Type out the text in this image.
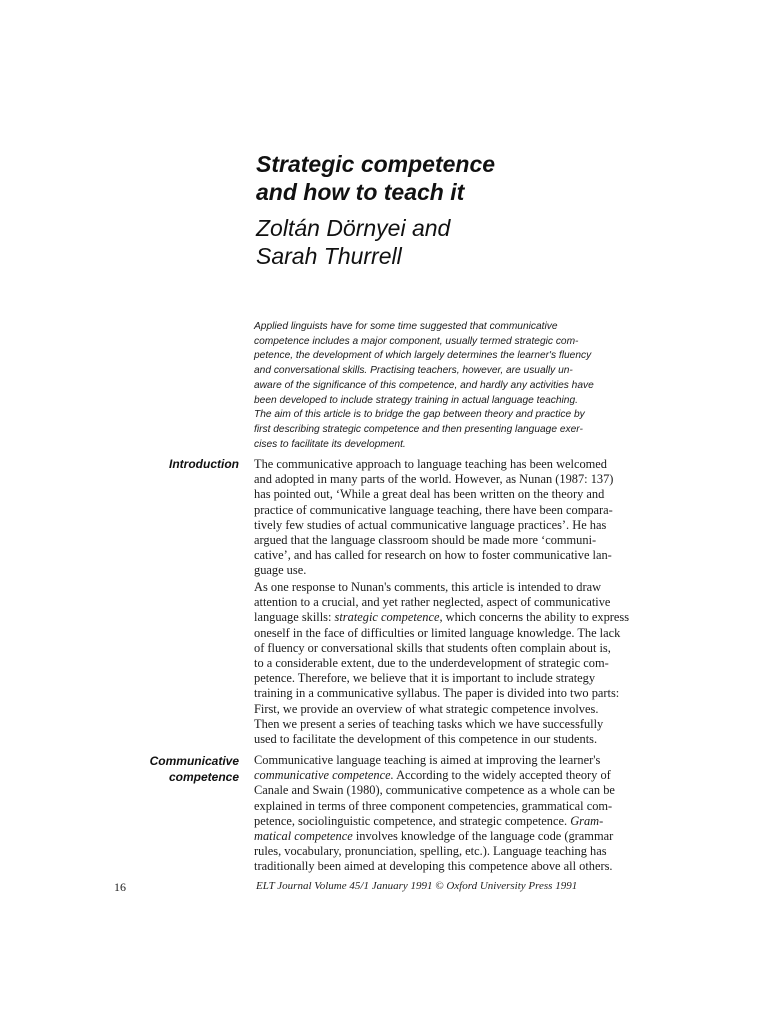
Strategic competence
and how to teach it
Zoltán Dörnyei and
Sarah Thurrell
Applied linguists have for some time suggested that communicative
competence includes a major component, usually termed strategic com-
petence, the development of which largely determines the learner's fluency
and conversational skills. Practising teachers, however, are usually un-
aware of the significance of this competence, and hardly any activities have
been developed to include strategy training in actual language teaching.
The aim of this article is to bridge the gap between theory and practice by
first describing strategic competence and then presenting language exer-
cises to facilitate its development.
Introduction The communicative approach to language teaching has been welcomed
and adopted in many parts of the world. However, as Nunan (1987: 137)
has pointed out, ‘While a great deal has been written on the theory and
practice of communicative language teaching, there have been compara-
tively few studies of actual communicative language practices’. He has
argued that the language classroom should be made more ‘communi-
cative’, and has called for research on how to foster communicative lan-
guage use.
As one response to Nunan's comments, this article is intended to draw
attention to a crucial, and yet rather neglected, aspect of communicative
language skills: strategic competence, which concerns the ability to express
oneself in the face of difficulties or limited language knowledge. The lack
of fluency or conversational skills that students often complain about is,
to a considerable extent, due to the underdevelopment of strategic com-
petence. Therefore, we believe that it is important to include strategy
training in a communicative syllabus. The paper is divided into two parts:
First, we provide an overview of what strategic competence involves.
Then we present a series of teaching tasks which we have successfully
used to facilitate the development of this competence in our students.
Communicative
competence
Communicative language teaching is aimed at improving the learner's
communicative competence. According to the widely accepted theory of
Canale and Swain (1980), communicative competence as a whole can be
explained in terms of three component competencies, grammatical com-
petence, sociolinguistic competence, and strategic competence. Gram-
matical competence involves knowledge of the language code (grammar
rules, vocabulary, pronunciation, spelling, etc.). Language teaching has
traditionally been aimed at developing this competence above all others.
16	ELT Journal Volume 45/1 January 1991 © Oxford University Press 1991
